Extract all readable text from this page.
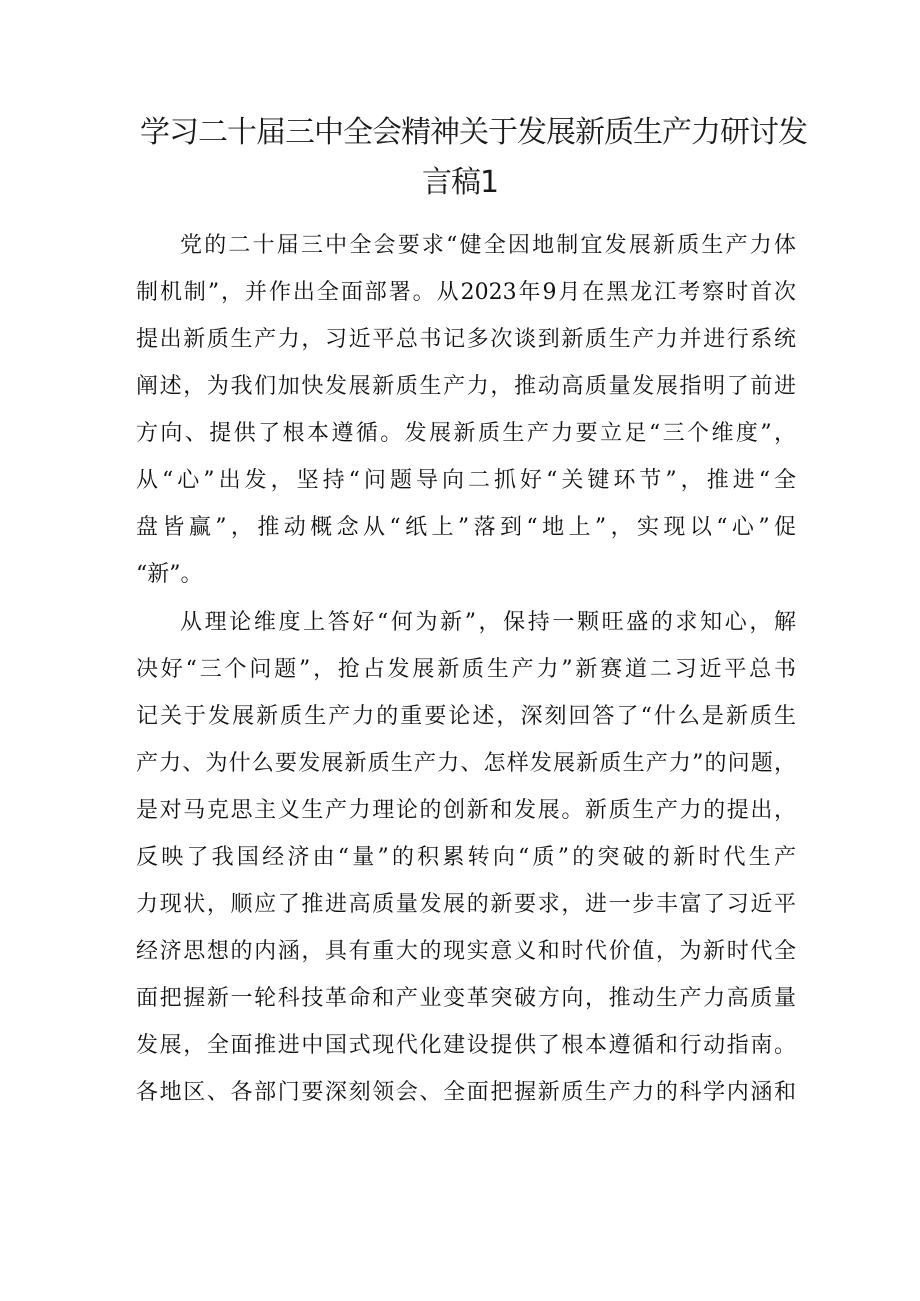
学习二十届三中全会精神关于发展新质生产力研讨发
言稿1
党的二十届三中全会要求“健全因地制宜发展新质生产力体
制机制”，并作出全面部署。从2023年9月在黑龙江考察时首次
提出新质生产力，习近平总书记多次谈到新质生产力并进行系统
阐述，为我们加快发展新质生产力，推动高质量发展指明了前进
方向、提供了根本遵循。发展新质生产力要立足“三个维度”，
从“心”出发，坚持“问题导向二抓好“关键环节”，推进“全
盘皆赢”，推动概念从“纸上”落到“地上”，实现以“心”促
“新”。
从理论维度上答好“何为新”，保持一颗旺盛的求知心，解
决好“三个问题”，抢占发展新质生产力”新赛道二习近平总书
记关于发展新质生产力的重要论述，深刻回答了“什么是新质生
产力、为什么要发展新质生产力、怎样发展新质生产力”的问题，
是对马克思主义生产力理论的创新和发展。新质生产力的提出，
反映了我国经济由“量”的积累转向“质”的突破的新时代生产
力现状，顺应了推进高质量发展的新要求，进一步丰富了习近平
经济思想的内涵，具有重大的现实意义和时代价值，为新时代全
面把握新一轮科技革命和产业变革突破方向，推动生产力高质量
发展，全面推进中国式现代化建设提供了根本遵循和行动指南。
各地区、各部门要深刻领会、全面把握新质生产力的科学内涵和
